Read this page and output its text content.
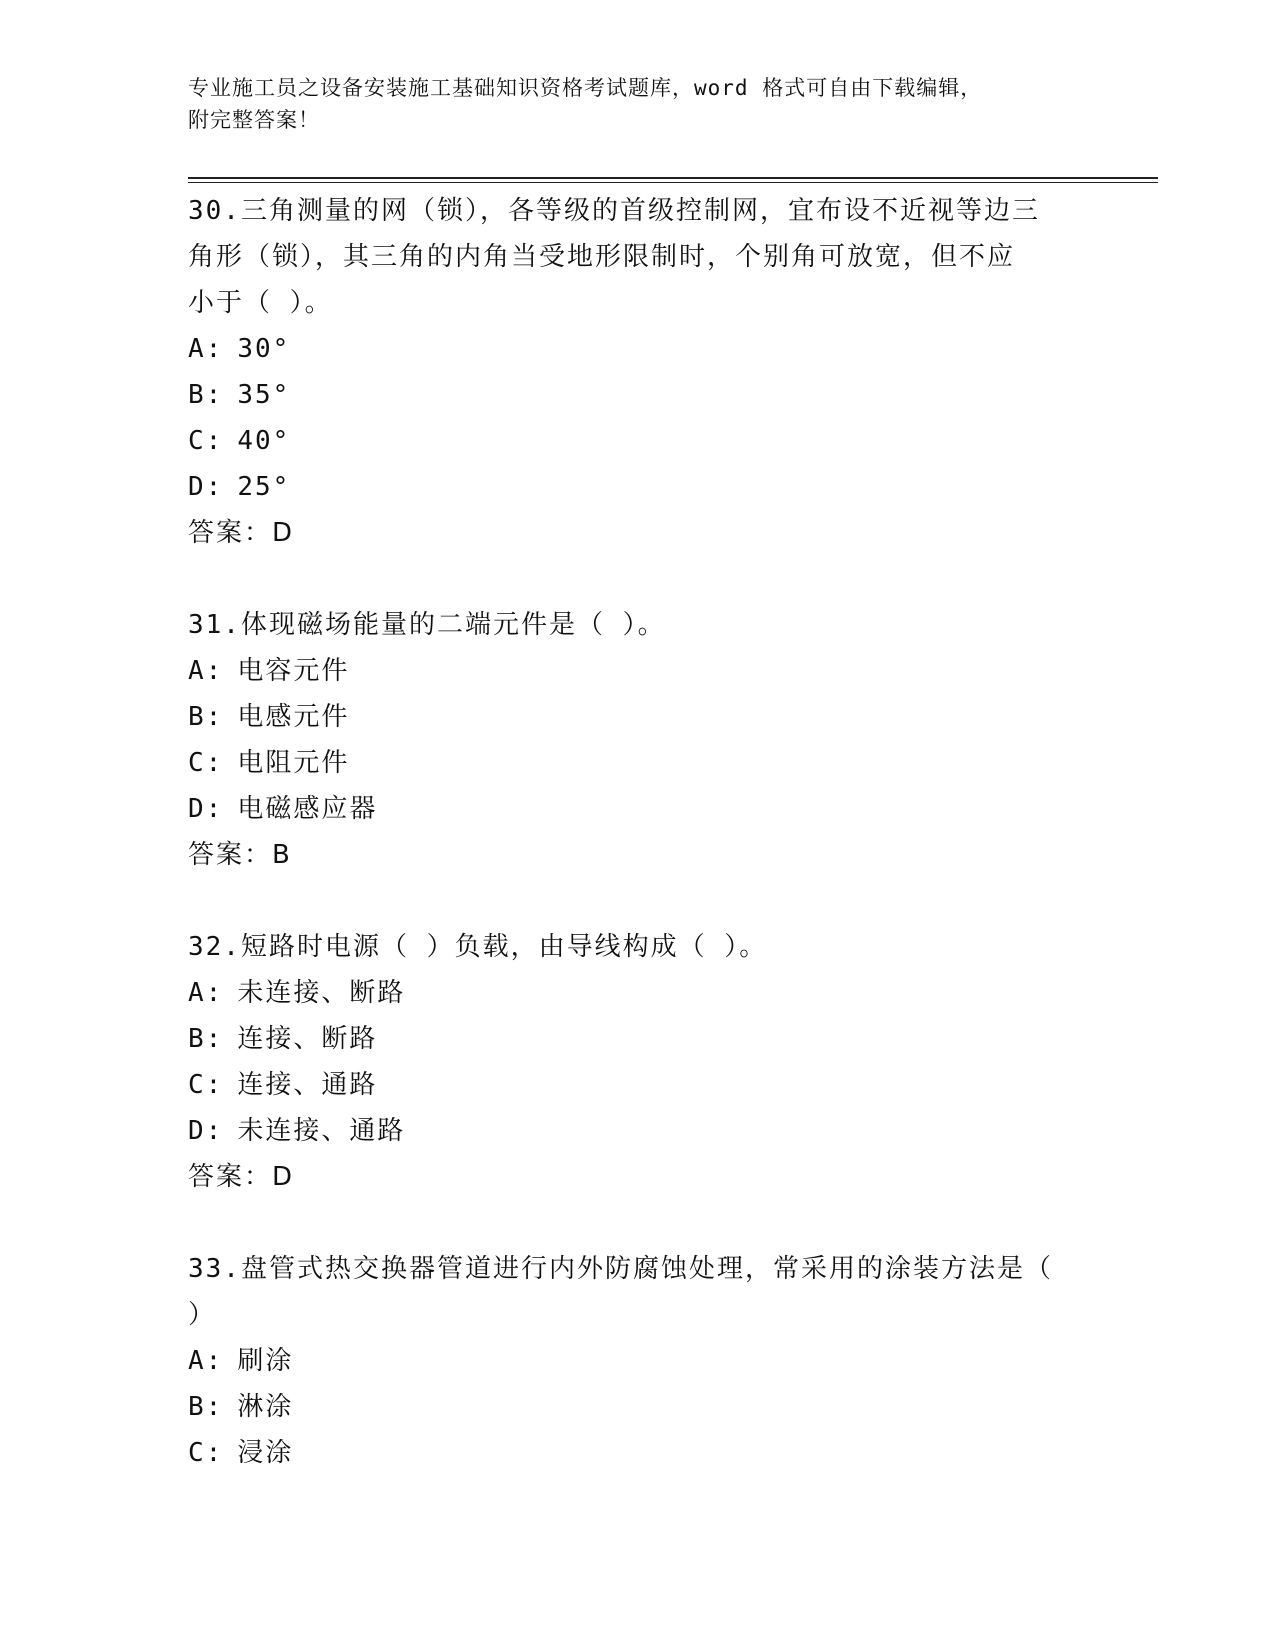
专业施工员之设备安装施工基础知识资格考试题库，word 格式可自由下载编辑，
附完整答案！

30.三角测量的网（锁），各等级的首级控制网，宜布设不近视等边三

角形（锁），其三角的内角当受地形限制时，个别角可放宽，但不应

小于（ ）。

A: 30°

B: 35°

C: 40°

D: 25°

答案：D

31.体现磁场能量的二端元件是（ ）。

A: 电容元件

B: 电感元件

C: 电阻元件

D: 电磁感应器

答案：B

32.短路时电源（ ）负载，由导线构成（ ）。

A: 未连接、断路

B: 连接、断路

C: 连接、通路

D: 未连接、通路

答案：D

33.盘管式热交换器管道进行内外防腐蚀处理，常采用的涂装方法是（

）

A: 刷涂

B: 淋涂

C: 浸涂
